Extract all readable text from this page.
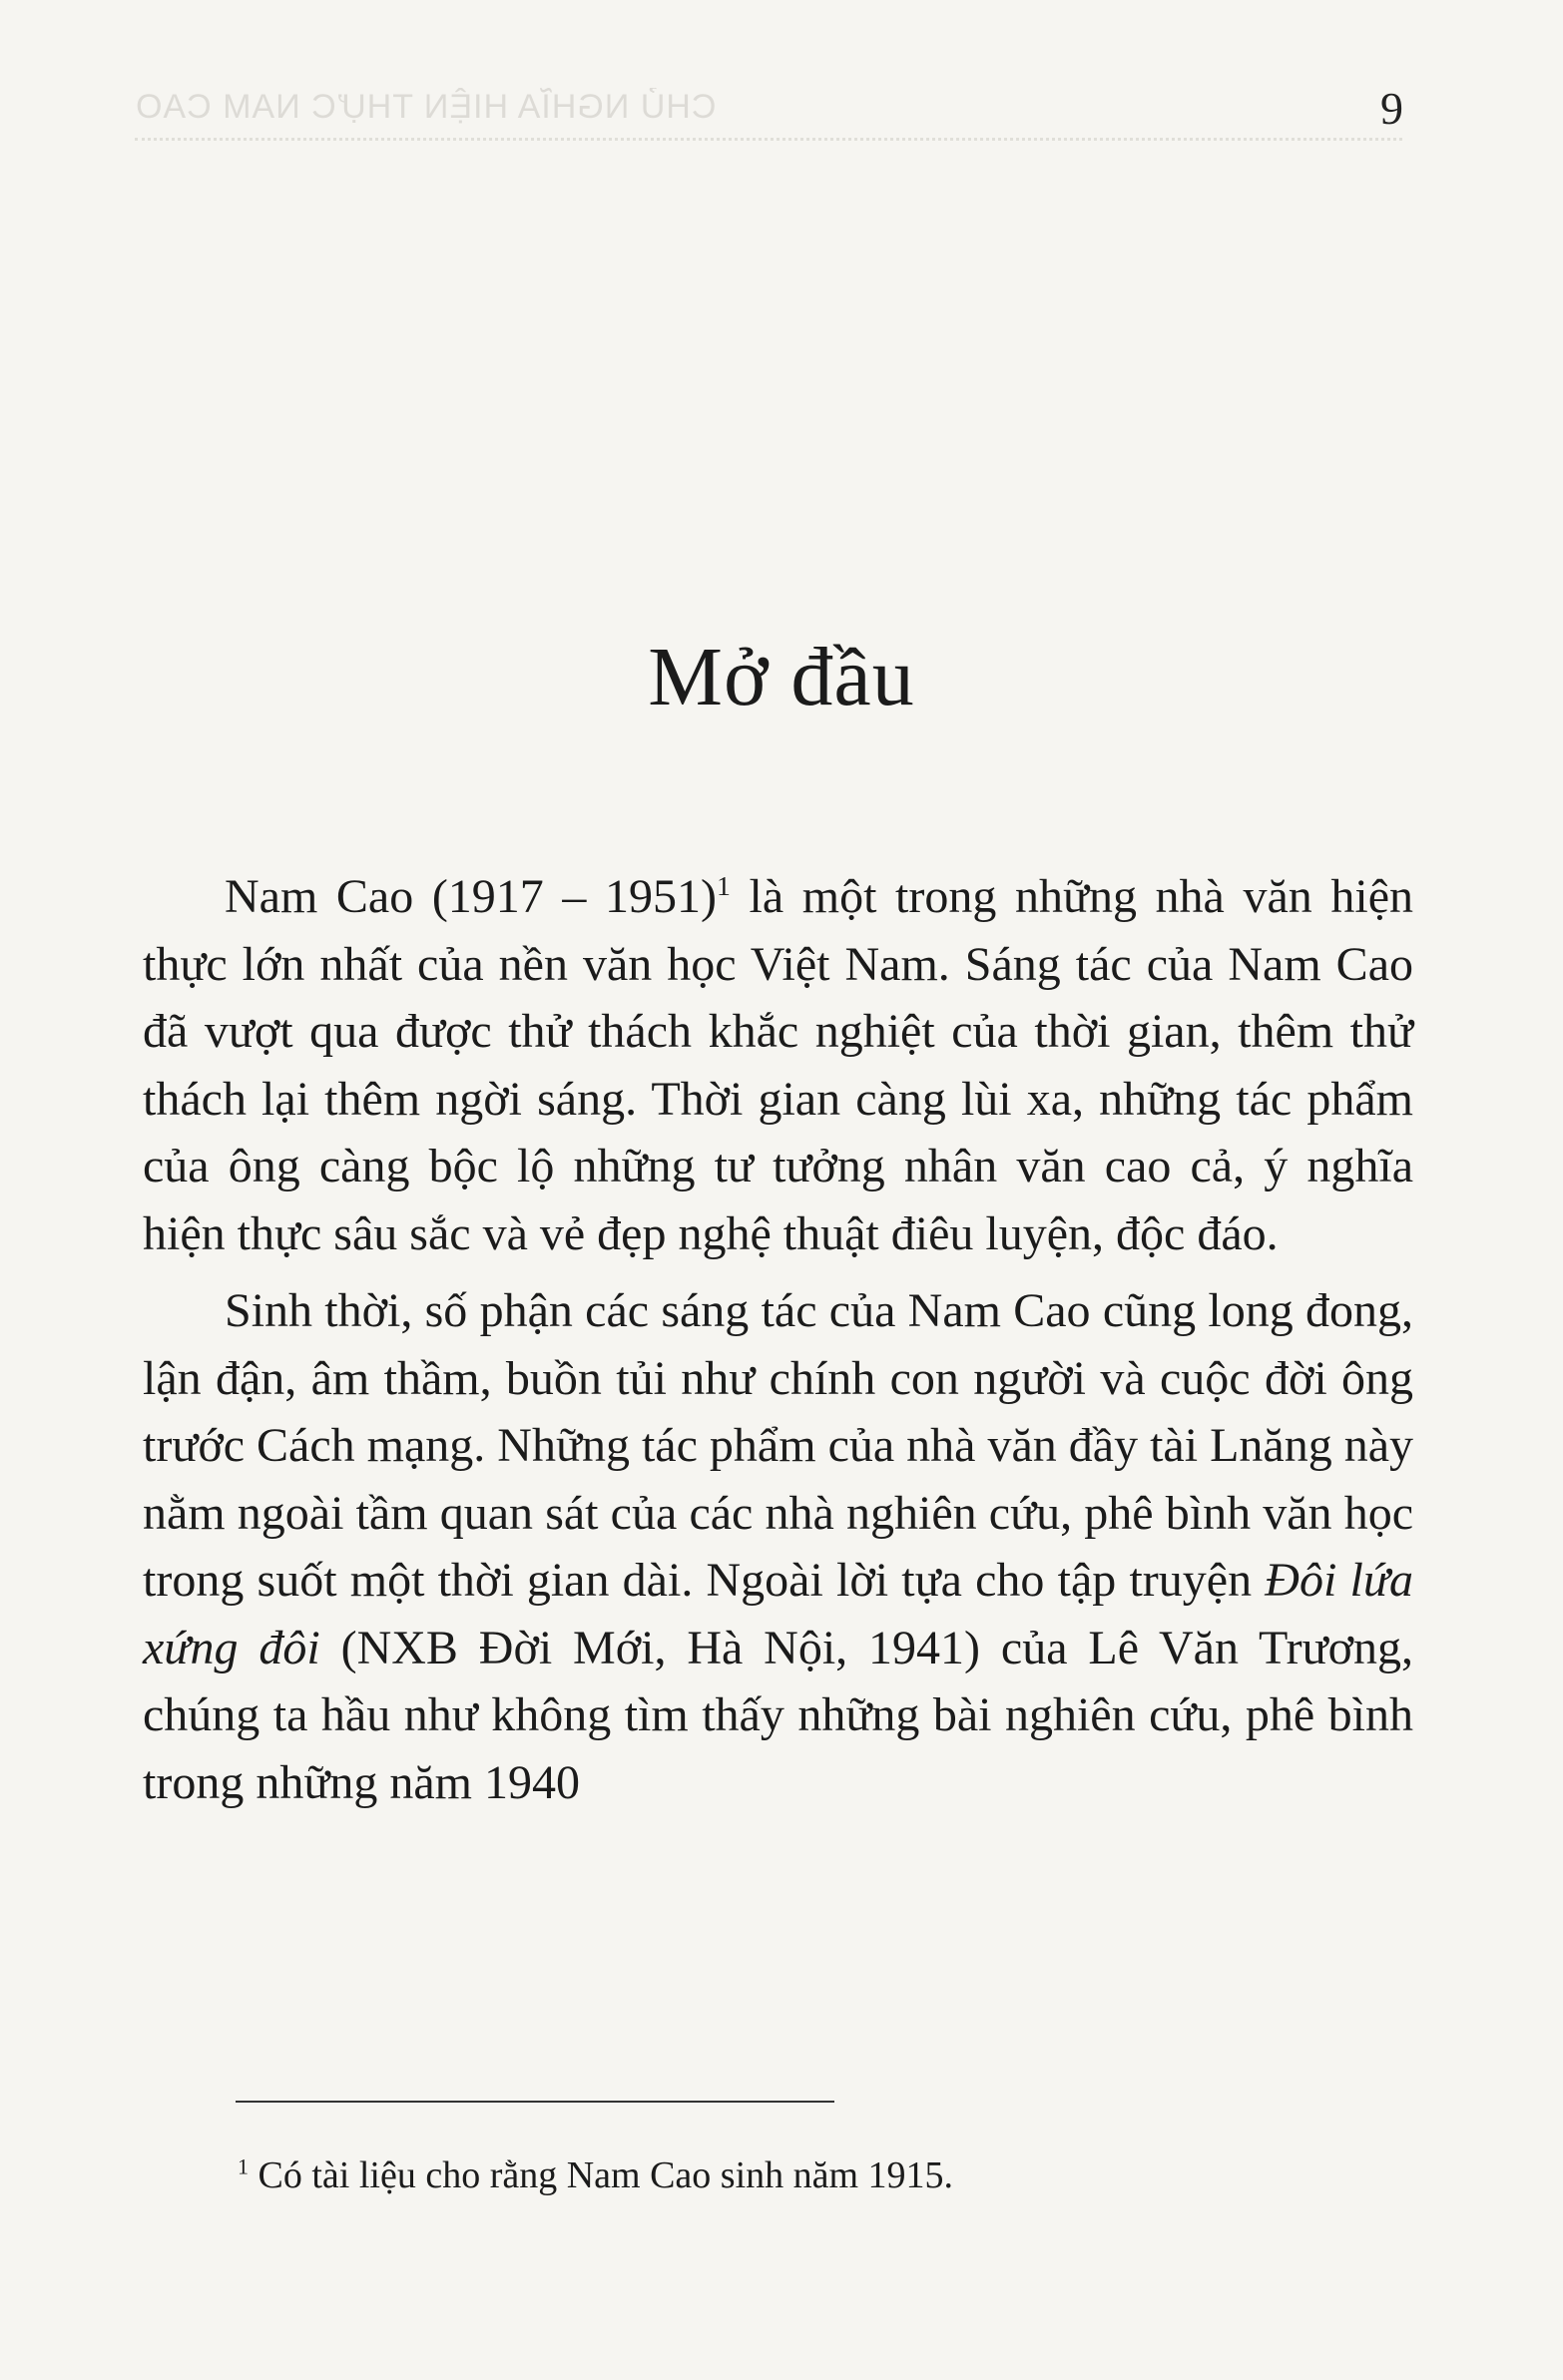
CHỦ NGHĨA HIỆN THỰC NAM CAO	9
Mở đầu

Nam Cao (1917 – 1951)$^1$ là một trong những nhà văn hiện thực lớn nhất của nền văn học Việt Nam. Sáng tác của Nam Cao đã vượt qua được thử thách khắc nghiệt của thời gian, thêm thử thách lại thêm ngời sáng. Thời gian càng lùi xa, những tác phẩm của ông càng bộc lộ những tư tưởng nhân văn cao cả, ý nghĩa hiện thực sâu sắc và vẻ đẹp nghệ thuật điêu luyện, độc đáo.

Sinh thời, số phận các sáng tác của Nam Cao cũng long đong, lận đận, âm thầm, buồn tủi như chính con người và cuộc đời ông trước Cách mạng. Những tác phẩm của nhà văn đầy tài Lnăng này nằm ngoài tầm quan sát của các nhà nghiên cứu, phê bình văn học trong suốt một thời gian dài. Ngoài lời tựa cho tập truyện Đôi lứa xứng đôi (NXB Đời Mới, Hà Nội, 1941) của Lê Văn Trương, chúng ta hầu như không tìm thấy những bài nghiên cứu, phê bình trong những năm 1940

$^1$ Có tài liệu cho rằng Nam Cao sinh năm 1915.
